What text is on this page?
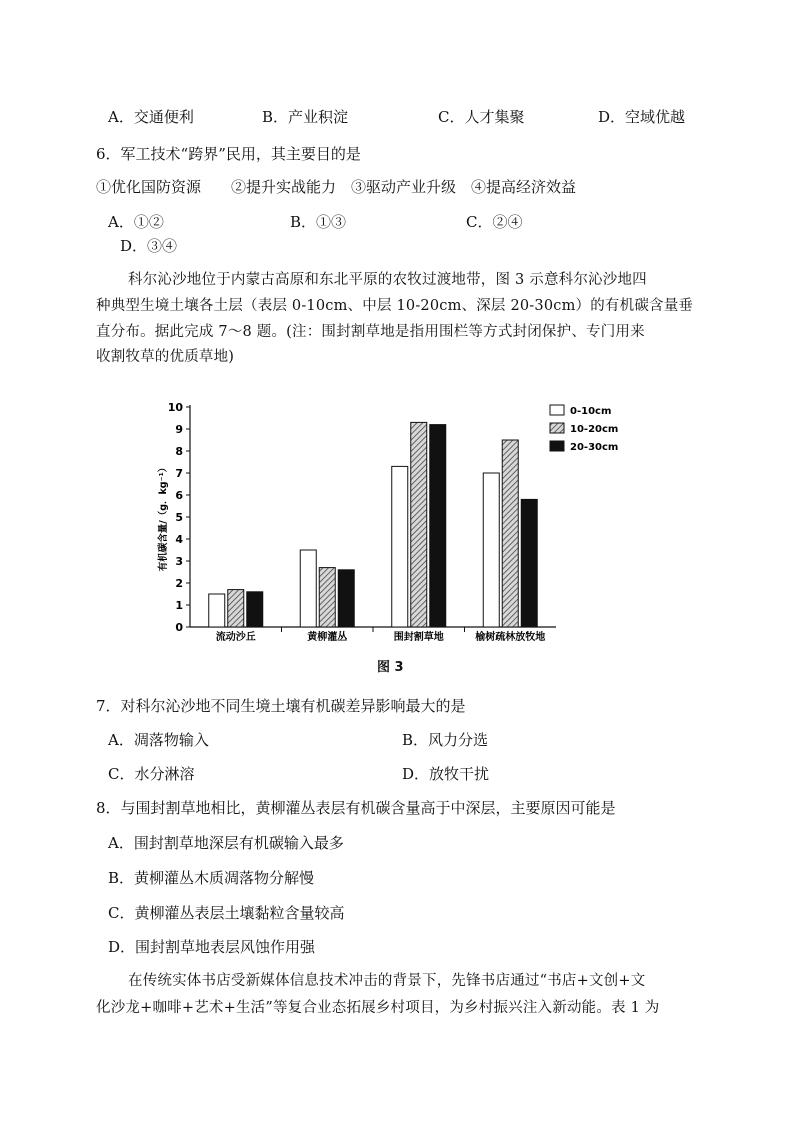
A．交通便利	B．产业积淀	C．人才集聚	D．空域优越
6．军工技术“跨界”民用，其主要目的是
①优化国防资源　　②提升实战能力　③驱动产业升级　④提高经济效益
A．①②	B．①③	C．②④
D．③④
科尔沁沙地位于内蒙古高原和东北平原的农牧过渡地带，图 3 示意科尔沁沙地四
种典型生境土壤各土层（表层 0-10cm、中层 10-20cm、深层 20-30cm）的有机碳含量垂
直分布。据此完成 7～8 题。(注：围封割草地是指用围栏等方式封闭保护、专门用来
收割牧草的优质草地)
0
1
2
3
4
5
6
7
8
9
10
有机碳含量/（g．kg⁻¹）
流动沙丘	黄柳灌丛	围封割草地	榆树疏林放牧地
0-10cm
10-20cm
20-30cm
图 3
7．对科尔沁沙地不同生境土壤有机碳差异影响最大的是
A．凋落物输入	B．风力分选
C．水分淋溶	D．放牧干扰
8．与围封割草地相比，黄柳灌丛表层有机碳含量高于中深层，主要原因可能是
A．围封割草地深层有机碳输入最多
B．黄柳灌丛木质凋落物分解慢
C．黄柳灌丛表层土壤黏粒含量较高
D．围封割草地表层风蚀作用强
在传统实体书店受新媒体信息技术冲击的背景下，先锋书店通过“书店+文创+文
化沙龙+咖啡+艺术+生活”等复合业态拓展乡村项目，为乡村振兴注入新动能。表 1 为
